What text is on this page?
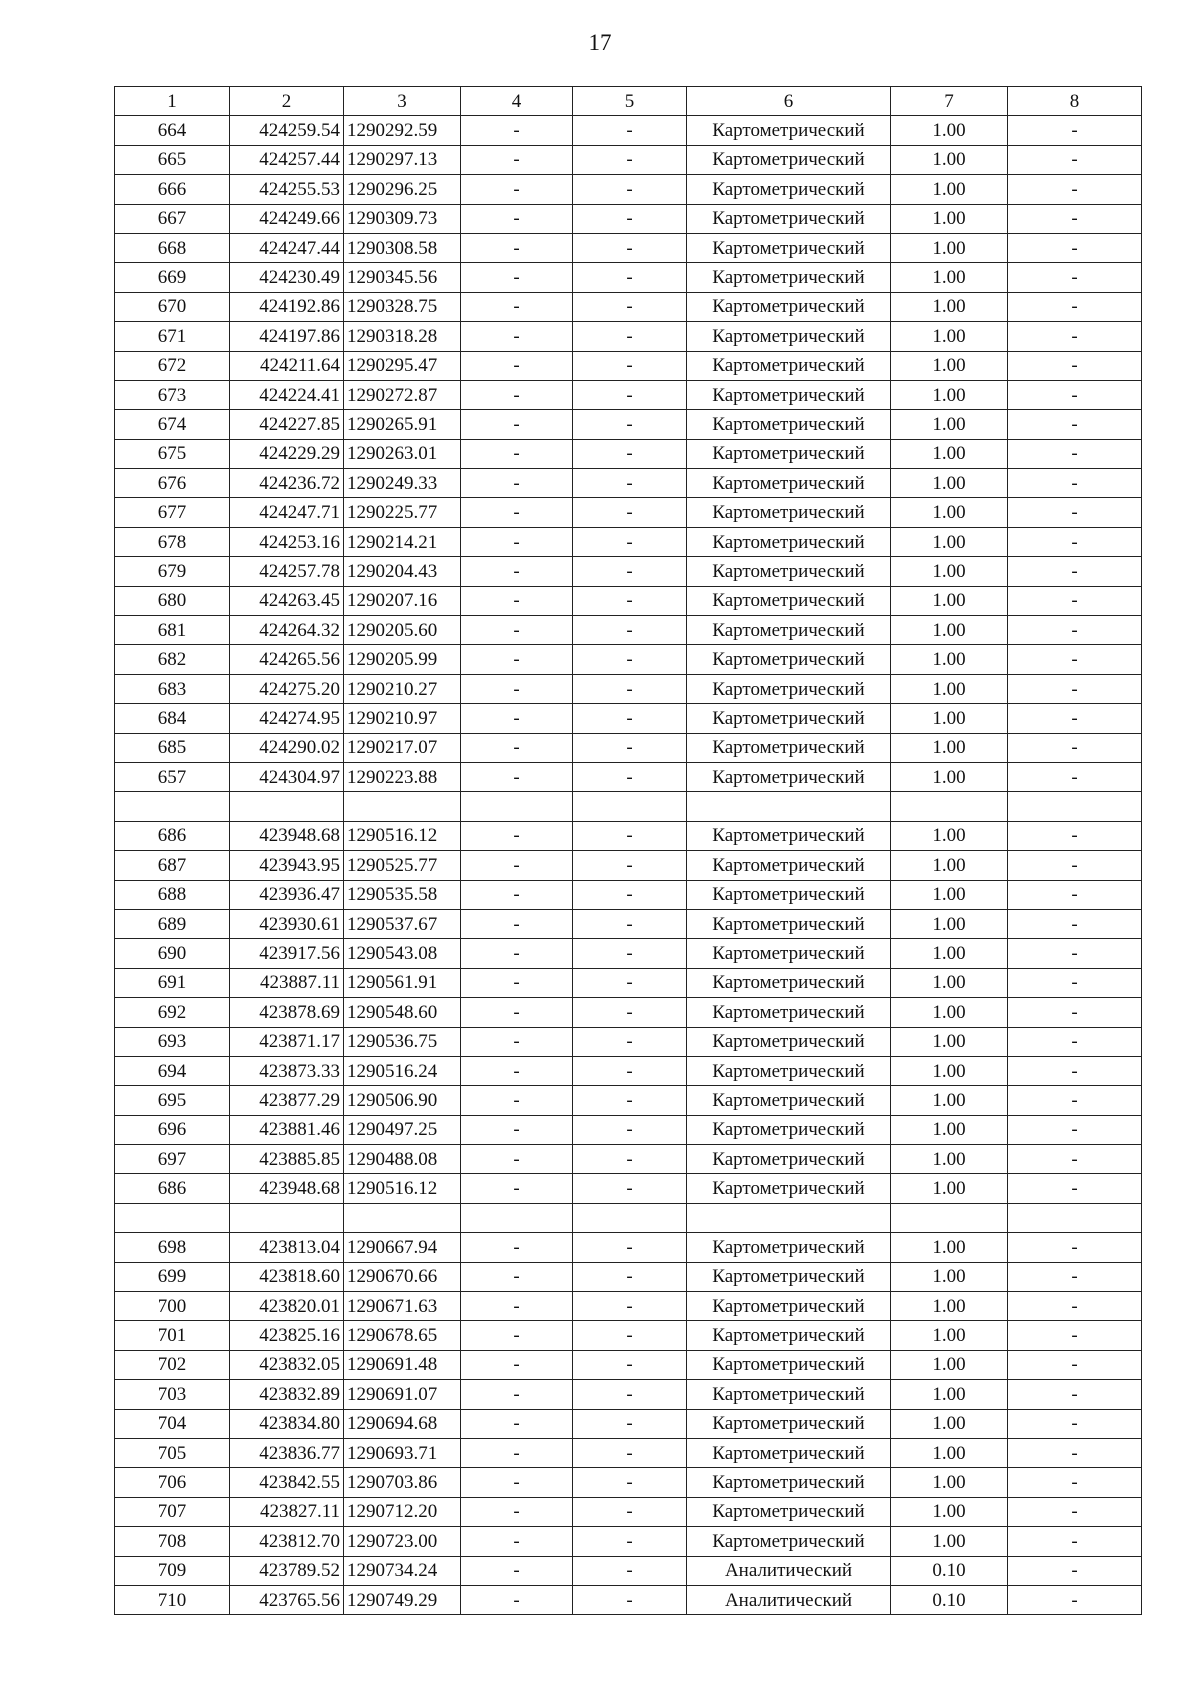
17
1	2	3	4	5	6	7	8
664	424259.54	1290292.59	-	-	Картометрический	1.00	-
665	424257.44	1290297.13	-	-	Картометрический	1.00	-
666	424255.53	1290296.25	-	-	Картометрический	1.00	-
667	424249.66	1290309.73	-	-	Картометрический	1.00	-
668	424247.44	1290308.58	-	-	Картометрический	1.00	-
669	424230.49	1290345.56	-	-	Картометрический	1.00	-
670	424192.86	1290328.75	-	-	Картометрический	1.00	-
671	424197.86	1290318.28	-	-	Картометрический	1.00	-
672	424211.64	1290295.47	-	-	Картометрический	1.00	-
673	424224.41	1290272.87	-	-	Картометрический	1.00	-
674	424227.85	1290265.91	-	-	Картометрический	1.00	-
675	424229.29	1290263.01	-	-	Картометрический	1.00	-
676	424236.72	1290249.33	-	-	Картометрический	1.00	-
677	424247.71	1290225.77	-	-	Картометрический	1.00	-
678	424253.16	1290214.21	-	-	Картометрический	1.00	-
679	424257.78	1290204.43	-	-	Картометрический	1.00	-
680	424263.45	1290207.16	-	-	Картометрический	1.00	-
681	424264.32	1290205.60	-	-	Картометрический	1.00	-
682	424265.56	1290205.99	-	-	Картометрический	1.00	-
683	424275.20	1290210.27	-	-	Картометрический	1.00	-
684	424274.95	1290210.97	-	-	Картометрический	1.00	-
685	424290.02	1290217.07	-	-	Картометрический	1.00	-
657	424304.97	1290223.88	-	-	Картометрический	1.00	-

686	423948.68	1290516.12	-	-	Картометрический	1.00	-
687	423943.95	1290525.77	-	-	Картометрический	1.00	-
688	423936.47	1290535.58	-	-	Картометрический	1.00	-
689	423930.61	1290537.67	-	-	Картометрический	1.00	-
690	423917.56	1290543.08	-	-	Картометрический	1.00	-
691	423887.11	1290561.91	-	-	Картометрический	1.00	-
692	423878.69	1290548.60	-	-	Картометрический	1.00	-
693	423871.17	1290536.75	-	-	Картометрический	1.00	-
694	423873.33	1290516.24	-	-	Картометрический	1.00	-
695	423877.29	1290506.90	-	-	Картометрический	1.00	-
696	423881.46	1290497.25	-	-	Картометрический	1.00	-
697	423885.85	1290488.08	-	-	Картометрический	1.00	-
686	423948.68	1290516.12	-	-	Картометрический	1.00	-

698	423813.04	1290667.94	-	-	Картометрический	1.00	-
699	423818.60	1290670.66	-	-	Картометрический	1.00	-
700	423820.01	1290671.63	-	-	Картометрический	1.00	-
701	423825.16	1290678.65	-	-	Картометрический	1.00	-
702	423832.05	1290691.48	-	-	Картометрический	1.00	-
703	423832.89	1290691.07	-	-	Картометрический	1.00	-
704	423834.80	1290694.68	-	-	Картометрический	1.00	-
705	423836.77	1290693.71	-	-	Картометрический	1.00	-
706	423842.55	1290703.86	-	-	Картометрический	1.00	-
707	423827.11	1290712.20	-	-	Картометрический	1.00	-
708	423812.70	1290723.00	-	-	Картометрический	1.00	-
709	423789.52	1290734.24	-	-	Аналитический	0.10	-
710	423765.56	1290749.29	-	-	Аналитический	0.10	-
